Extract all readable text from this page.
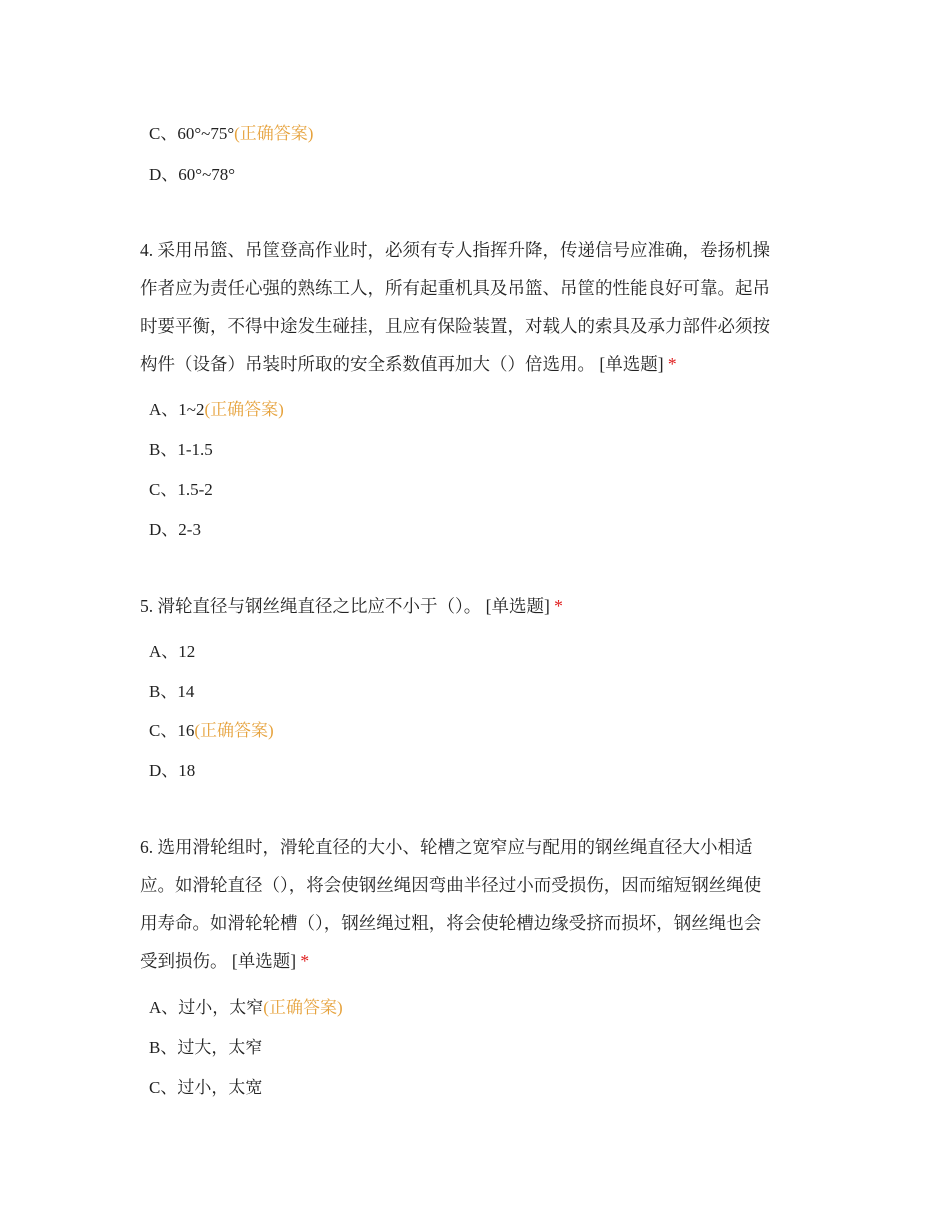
C、60°~75°(正确答案)
D、60°~78°
4. 采用吊篮、吊筐登高作业时，必须有专人指挥升降，传递信号应准确，卷扬机操
作者应为责任心强的熟练工人，所有起重机具及吊篮、吊筐的性能良好可靠。起吊
时要平衡，不得中途发生碰挂，且应有保险装置，对载人的索具及承力部件必须按
构件（设备）吊装时所取的安全系数值再加大（）倍选用。 [单选题] *
A、1~2(正确答案)
B、1-1.5
C、1.5-2
D、2-3
5. 滑轮直径与钢丝绳直径之比应不小于（）。 [单选题] *
A、12
B、14
C、16(正确答案)
D、18
6. 选用滑轮组时，滑轮直径的大小、轮槽之宽窄应与配用的钢丝绳直径大小相适
应。如滑轮直径（），将会使钢丝绳因弯曲半径过小而受损伤，因而缩短钢丝绳使
用寿命。如滑轮轮槽（），钢丝绳过粗，将会使轮槽边缘受挤而损坏，钢丝绳也会
受到损伤。 [单选题] *
A、过小，太窄(正确答案)
B、过大，太窄
C、过小，太宽
